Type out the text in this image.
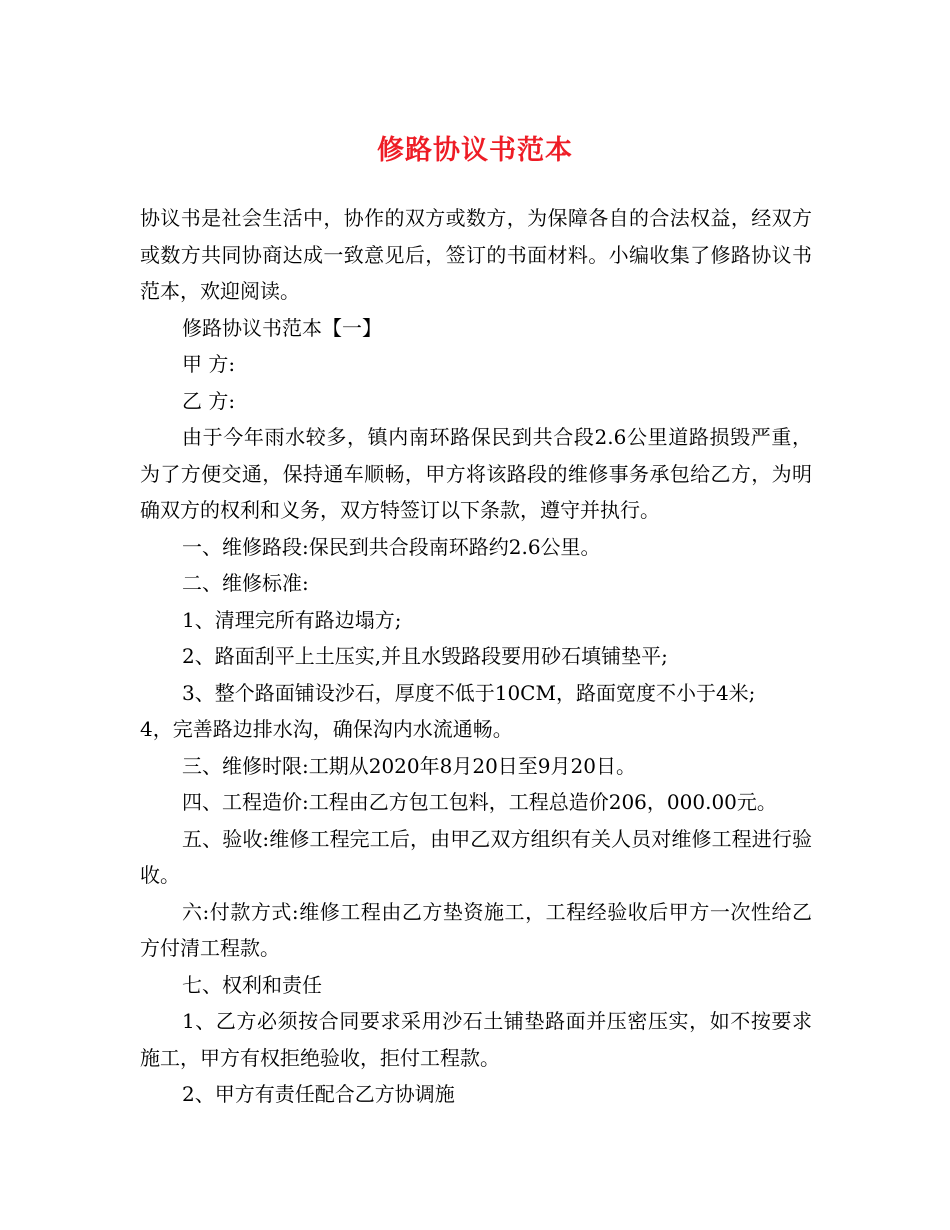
修路协议书范本

协议书是社会生活中，协作的双方或数方，为保障各自的合法权益，经双方或数方共同协商达成一致意见后，签订的书面材料。小编收集了修路协议书范本，欢迎阅读。

修路协议书范本【一】

甲 方:

乙 方:

由于今年雨水较多，镇内南环路保民到共合段2.6公里道路损毁严重，为了方便交通，保持通车顺畅，甲方将该路段的维修事务承包给乙方，为明确双方的权利和义务，双方特签订以下条款，遵守并执行。

一、维修路段:保民到共合段南环路约2.6公里。

二、维修标准:

1、清理完所有路边塌方;

2、路面刮平上土压实,并且水毁路段要用砂石填铺垫平;

3、整个路面铺设沙石，厚度不低于10CM，路面宽度不小于4米;

4，完善路边排水沟，确保沟内水流通畅。

三、维修时限:工期从2020年8月20日至9月20日。

四、工程造价:工程由乙方包工包料，工程总造价206，000.00元。

五、验收:维修工程完工后，由甲乙双方组织有关人员对维修工程进行验收。

六:付款方式:维修工程由乙方垫资施工，工程经验收后甲方一次性给乙方付清工程款。

七、权利和责任

1、乙方必须按合同要求采用沙石土铺垫路面并压密压实，如不按要求施工，甲方有权拒绝验收，拒付工程款。

2、甲方有责任配合乙方协调施
